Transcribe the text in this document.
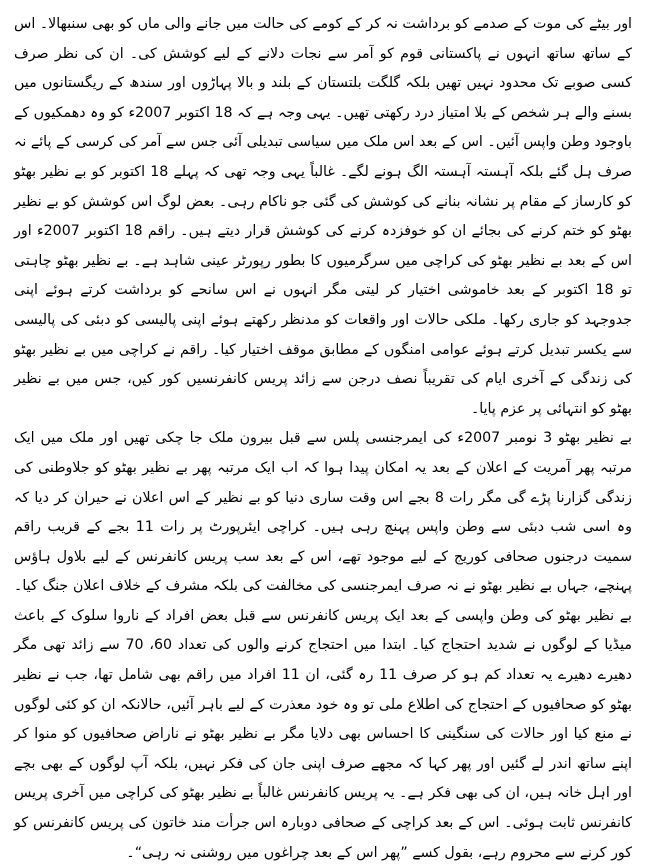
اور بیٹے کی موت کے صدمے کو برداشت نہ کر کے کومے کی حالت میں جانے والی ماں کو بھی سنبھالا۔ اس کے ساتھ ساتھ انہوں نے پاکستانی قوم کو آمر سے نجات دلانے کے لیے کوشش کی۔ ان کی نظر صرف کسی صوبے تک محدود نہیں تھیں بلکہ گلگت بلتستان کے بلند و بالا پہاڑوں اور سندھ کے ریگستانوں میں بسنے والے ہر شخص کے بلا امتیاز درد رکھتی تھیں۔ یہی وجہ ہے کہ 18 اکتوبر 2007ء کو وہ دھمکیوں کے باوجود وطن واپس آئیں۔ اس کے بعد اس ملک میں سیاسی تبدیلی آئی جس سے آمر کی کرسی کے پائے نہ صرف ہل گئے بلکہ آہستہ آہستہ الگ ہونے لگے۔ غالباً یہی وجہ تھی کہ پہلے 18 اکتوبر کو بے نظیر بھٹو کو کارساز کے مقام پر نشانہ بنانے کی کوشش کی گئی جو ناکام رہی۔ بعض لوگ اس کوشش کو بے نظیر بھٹو کو ختم کرنے کی بجائے ان کو خوفزدہ کرنے کی کوشش قرار دیتے ہیں۔ راقم 18 اکتوبر 2007ء اور اس کے بعد بے نظیر بھٹو کی کراچی میں سرگرمیوں کا بطور رپورٹر عینی شاہد ہے۔ بے نظیر بھٹو چاہتی تو 18 اکتوبر کے بعد خاموشی اختیار کر لیتی مگر انہوں نے اس سانحے کو برداشت کرتے ہوئے اپنی جدوجہد کو جاری رکھا۔ ملکی حالات اور واقعات کو مدنظر رکھتے ہوئے اپنی پالیسی کو دبئی کی پالیسی سے یکسر تبدیل کرتے ہوئے عوامی امنگوں کے مطابق موقف اختیار کیا۔ راقم نے کراچی میں بے نظیر بھٹو کی زندگی کے آخری ایام کی تقریباً نصف درجن سے زائد پریس کانفرنسیں کور کیں، جس میں بے نظیر بھٹو کو انتہائی پر عزم پایا۔

بے نظیر بھٹو 3 نومبر 2007ء کی ایمرجنسی پلس سے قبل بیرون ملک جا چکی تھیں اور ملک میں ایک مرتبہ پھر آمریت کے اعلان کے بعد یہ امکان پیدا ہوا کہ اب ایک مرتبہ پھر بے نظیر بھٹو کو جلاوطنی کی زندگی گزارنا پڑے گی مگر رات 8 بجے اس وقت ساری دنیا کو بے نظیر کے اس اعلان نے حیران کر دیا کہ وہ اسی شب دبئی سے وطن واپس پہنچ رہی ہیں۔ کراچی ایئرپورٹ پر رات 11 بجے کے قریب راقم سمیت درجنوں صحافی کوریج کے لیے موجود تھے، اس کے بعد سب پریس کانفرنس کے لیے بلاول ہاؤس پہنچے، جہاں بے نظیر بھٹو نے نہ صرف ایمرجنسی کی مخالفت کی بلکہ مشرف کے خلاف اعلان جنگ کیا۔ بے نظیر بھٹو کی وطن واپسی کے بعد ایک پریس کانفرنس سے قبل بعض افراد کے ناروا سلوک کے باعث میڈیا کے لوگوں نے شدید احتجاج کیا۔ ابتدا میں احتجاج کرنے والوں کی تعداد 60، 70 سے زائد تھی مگر دھیرے دھیرے یہ تعداد کم ہو کر صرف 11 رہ گئی، ان 11 افراد میں راقم بھی شامل تھا، جب نے نظیر بھٹو کو صحافیوں کے احتجاج کی اطلاع ملی تو وہ خود معذرت کے لیے باہر آئیں، حالانکہ ان کو کئی لوگوں نے منع کیا اور حالات کی سنگینی کا احساس بھی دلایا مگر بے نظیر بھٹو نے ناراض صحافیوں کو منوا کر اپنے ساتھ اندر لے گئیں اور پھر کہا کہ مجھے صرف اپنی جان کی فکر نہیں، بلکہ آپ لوگوں کے بھی بچے اور اہل خانہ ہیں، ان کی بھی فکر ہے۔ یہ پریس کانفرنس غالباً بے نظیر بھٹو کی کراچی میں آخری پریس کانفرنس ثابت ہوئی۔ اس کے بعد کراچی کے صحافی دوبارہ اس جرأت مند خاتون کی پریس کانفرنس کو کور کرنے سے محروم رہے، بقول کسے ”پھر اس کے بعد چراغوں میں روشنی نہ رہی“۔
